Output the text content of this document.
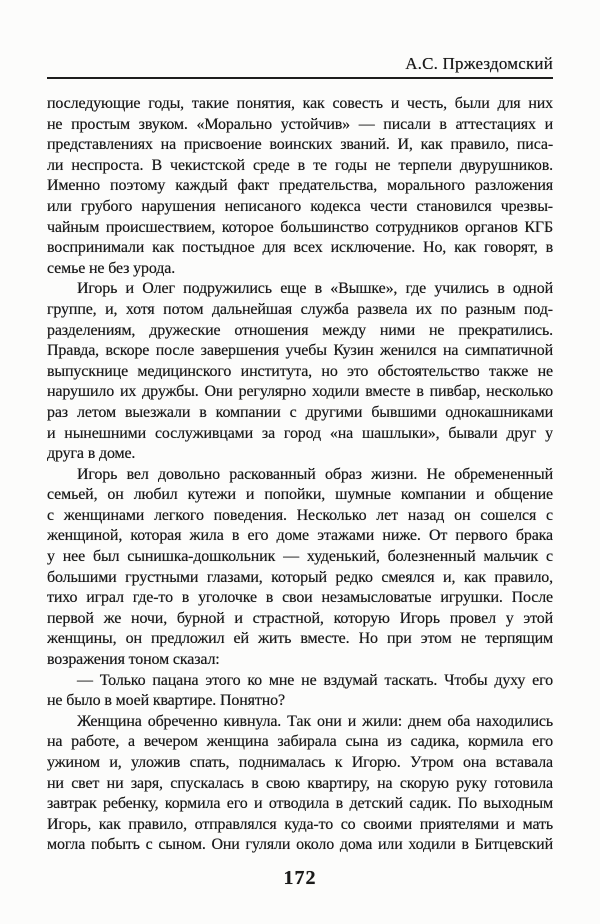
А.С. Пржездомский
последующие годы, такие понятия, как совесть и честь, были для них
не простым звуком. «Морально устойчив» — писали в аттестациях и
представлениях на присвоение воинских званий. И, как правило, писа-
ли неспроста. В чекистской среде в те годы не терпели двурушников.
Именно поэтому каждый факт предательства, морального разложения
или грубого нарушения неписаного кодекса чести становился чрезвы-
чайным происшествием, которое большинство сотрудников органов КГБ
воспринимали как постыдное для всех исключение. Но, как говорят, в
семье не без урода.
Игорь и Олег подружились еще в «Вышке», где учились в одной
группе, и, хотя потом дальнейшая служба развела их по разным под-
разделениям, дружеские отношения между ними не прекратились.
Правда, вскоре после завершения учебы Кузин женился на симпатичной
выпускнице медицинского института, но это обстоятельство также не
нарушило их дружбы. Они регулярно ходили вместе в пивбар, несколько
раз летом выезжали в компании с другими бывшими однокашниками
и нынешними сослуживцами за город «на шашлыки», бывали друг у
друга в доме.
Игорь вел довольно раскованный образ жизни. Не обремененный
семьей, он любил кутежи и попойки, шумные компании и общение
с женщинами легкого поведения. Несколько лет назад он сошелся с
женщиной, которая жила в его доме этажами ниже. От первого брака
у нее был сынишка-дошкольник — худенький, болезненный мальчик с
большими грустными глазами, который редко смеялся и, как правило,
тихо играл где-то в уголочке в свои незамысловатые игрушки. После
первой же ночи, бурной и страстной, которую Игорь провел у этой
женщины, он предложил ей жить вместе. Но при этом не терпящим
возражения тоном сказал:
— Только пацана этого ко мне не вздумай таскать. Чтобы духу его
не было в моей квартире. Понятно?
Женщина обреченно кивнула. Так они и жили: днем оба находились
на работе, а вечером женщина забирала сына из садика, кормила его
ужином и, уложив спать, поднималась к Игорю. Утром она вставала
ни свет ни заря, спускалась в свою квартиру, на скорую руку готовила
завтрак ребенку, кормила его и отводила в детский садик. По выходным
Игорь, как правило, отправлялся куда-то со своими приятелями и мать
могла побыть с сыном. Они гуляли около дома или ходили в Битцевский
172
